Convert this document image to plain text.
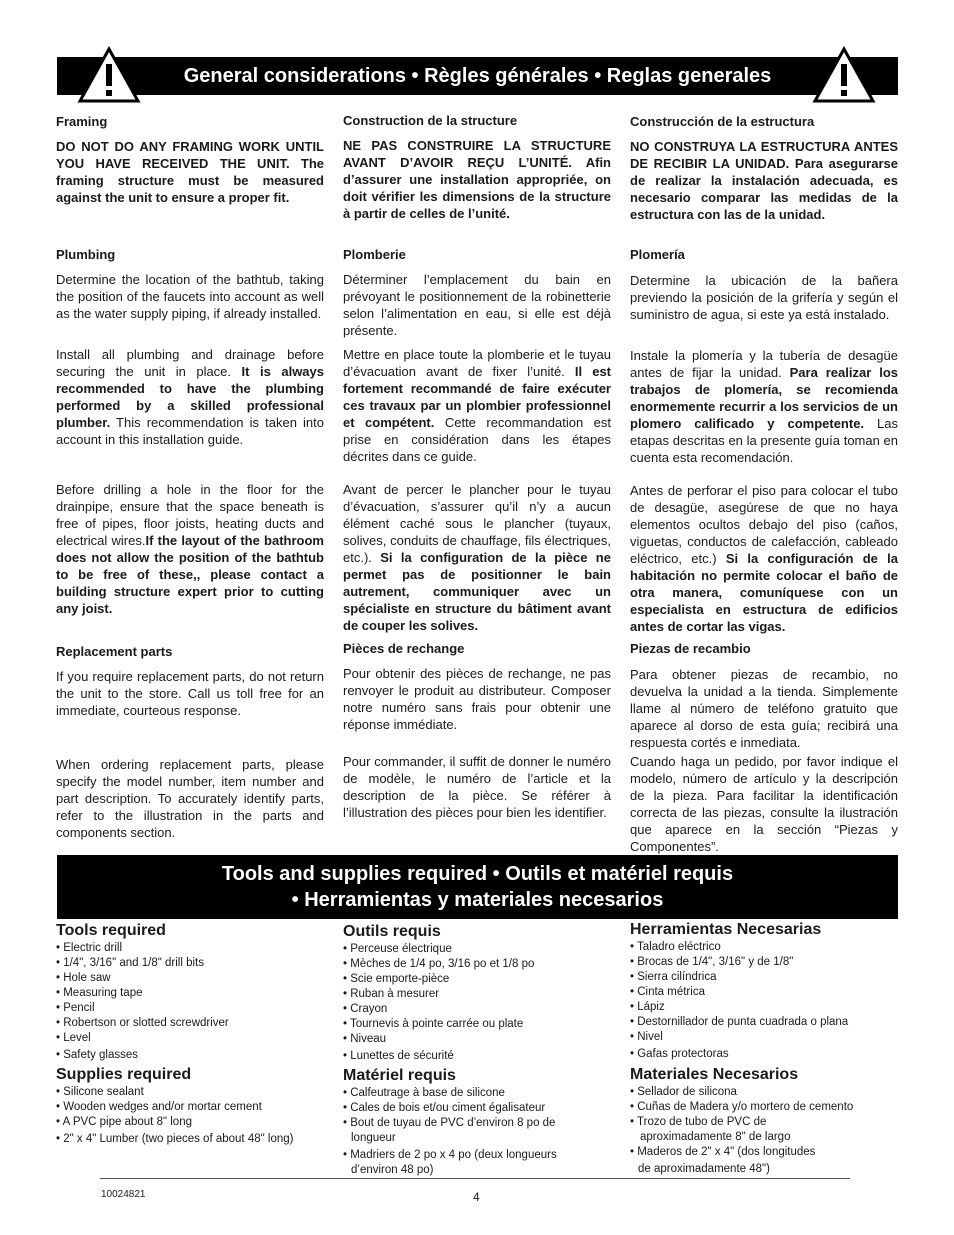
General considerations • Règles générales • Reglas generales
Framing
DO NOT DO ANY FRAMING WORK UNTIL YOU HAVE RECEIVED THE UNIT. The framing structure must be measured against the unit to ensure a proper fit.
Construction de la structure
NE PAS CONSTRUIRE LA STRUCTURE AVANT D’AVOIR REÇU L’UNITÉ. Afin d’assurer une installation appropriée, on doit vérifier les dimensions de la structure à partir de celles de l’unité.
Construcción de la estructura
NO CONSTRUYA LA ESTRUCTURA ANTES DE RECIBIR LA UNIDAD. Para asegurarse de realizar la instalación adecuada, es necesario comparar las medidas de la estructura con las de la unidad.
Plumbing
Determine the location of the bathtub, taking the position of the faucets into account as well as the water supply piping, if already installed.
Install all plumbing and drainage before securing the unit in place. It is always recommended to have the plumbing performed by a skilled professional plumber. This recommendation is taken into account in this installation guide.
Before drilling a hole in the floor for the drainpipe, ensure that the space beneath is free of pipes, floor joists, heating ducts and electrical wires.If the layout of the bathroom does not allow the position of the bathtub to be free of these,, please contact a building structure expert prior to cutting any joist.
Plomberie
Déterminer l’emplacement du bain en prévoyant le positionnement de la robinetterie selon l’alimentation en eau, si elle est déjà présente.
Mettre en place toute la plomberie et le tuyau d’évacuation avant de fixer l’unité. Il est fortement recommandé de faire exécuter ces travaux par un plombier professionnel et compétent. Cette recommandation est prise en considération dans les étapes décrites dans ce guide.
Avant de percer le plancher pour le tuyau d’évacuation, s’assurer qu’il n’y a aucun élément caché sous le plancher (tuyaux, solives, conduits de chauffage, fils électriques, etc.). Si la configuration de la pièce ne permet pas de positionner le bain autrement, communiquer avec un spécialiste en structure du bâtiment avant de couper les solives.
Plomería
Determine la ubicación de la bañera previendo la posición de la grifería y según el suministro de agua, si este ya está instalado.
Instale la plomería y la tubería de desagüe antes de fijar la unidad. Para realizar los trabajos de plomería, se recomienda enormemente recurrir a los servicios de un plomero calificado y competente. Las etapas descritas en la presente guía toman en cuenta esta recomendación.
Antes de perforar el piso para colocar el tubo de desagüe, asegúrese de que no haya elementos ocultos debajo del piso (caños, viguetas, conductos de calefacción, cableado eléctrico, etc.) Si la configuración de la habitación no permite colocar el baño de otra manera, comuníquese con un especialista en estructura de edificios antes de cortar las vigas.
Replacement parts
If you require replacement parts, do not return the unit to the store. Call us toll free for an immediate, courteous response.
When ordering replacement parts, please specify the model number, item number and part description. To accurately identify parts, refer to the illustration in the parts and components section.
Pièces de rechange
Pour obtenir des pièces de rechange, ne pas renvoyer le produit au distributeur. Composer notre numéro sans frais pour obtenir une réponse immédiate.
Pour commander, il suffit de donner le numéro de modèle, le numéro de l’article et la description de la pièce. Se référer à l’illustration des pièces pour bien les identifier.
Piezas de recambio
Para obtener piezas de recambio, no devuelva la unidad a la tienda. Simplemente llame al número de teléfono gratuito que aparece al dorso de esta guía; recibirá una respuesta cortés e inmediata.
Cuando haga un pedido, por favor indique el modelo, número de artículo y la descripción de la pieza. Para facilitar la identificación correcta de las piezas, consulte la ilustración que aparece en la sección “Piezas y Componentes”.
Tools and supplies required • Outils et matériel requis
• Herramientas y materiales necesarios
Tools required
• Electric drill
• 1/4", 3/16" and 1/8" drill bits
• Hole saw
• Measuring tape
• Pencil
• Robertson or slotted screwdriver
• Level
• Safety glasses
Supplies required
• Silicone sealant
• Wooden wedges and/or mortar cement
• A PVC pipe about 8" long
• 2" x 4" Lumber (two pieces of about 48" long)
Outils requis
• Perceuse électrique
• Mèches de 1/4 po, 3/16 po et 1/8 po
• Scie emporte-pièce
• Ruban à mesurer
• Crayon
• Tournevis à pointe carrée ou plate
• Niveau
• Lunettes de sécurité
Matériel requis
• Calfeutrage à base de silicone
• Cales de bois et/ou ciment égalisateur
• Bout de tuyau de PVC d’environ 8 po de
longueur
• Madriers de 2 po x 4 po (deux longueurs
d’environ 48 po)
Herramientas Necesarias
• Taladro eléctrico
• Brocas de 1/4", 3/16" y de 1/8"
• Sierra cilíndrica
• Cinta métrica
• Lápiz
• Destornillador de punta cuadrada o plana
• Nivel
• Gafas protectoras
Materiales Necesarios
• Sellador de silicona
• Cuñas de Madera y/o mortero de cemento
• Trozo de tubo de PVC de
aproximadamente 8" de largo
• Maderos de 2" x 4" (dos longitudes
de aproximadamente 48")
10024821	4
